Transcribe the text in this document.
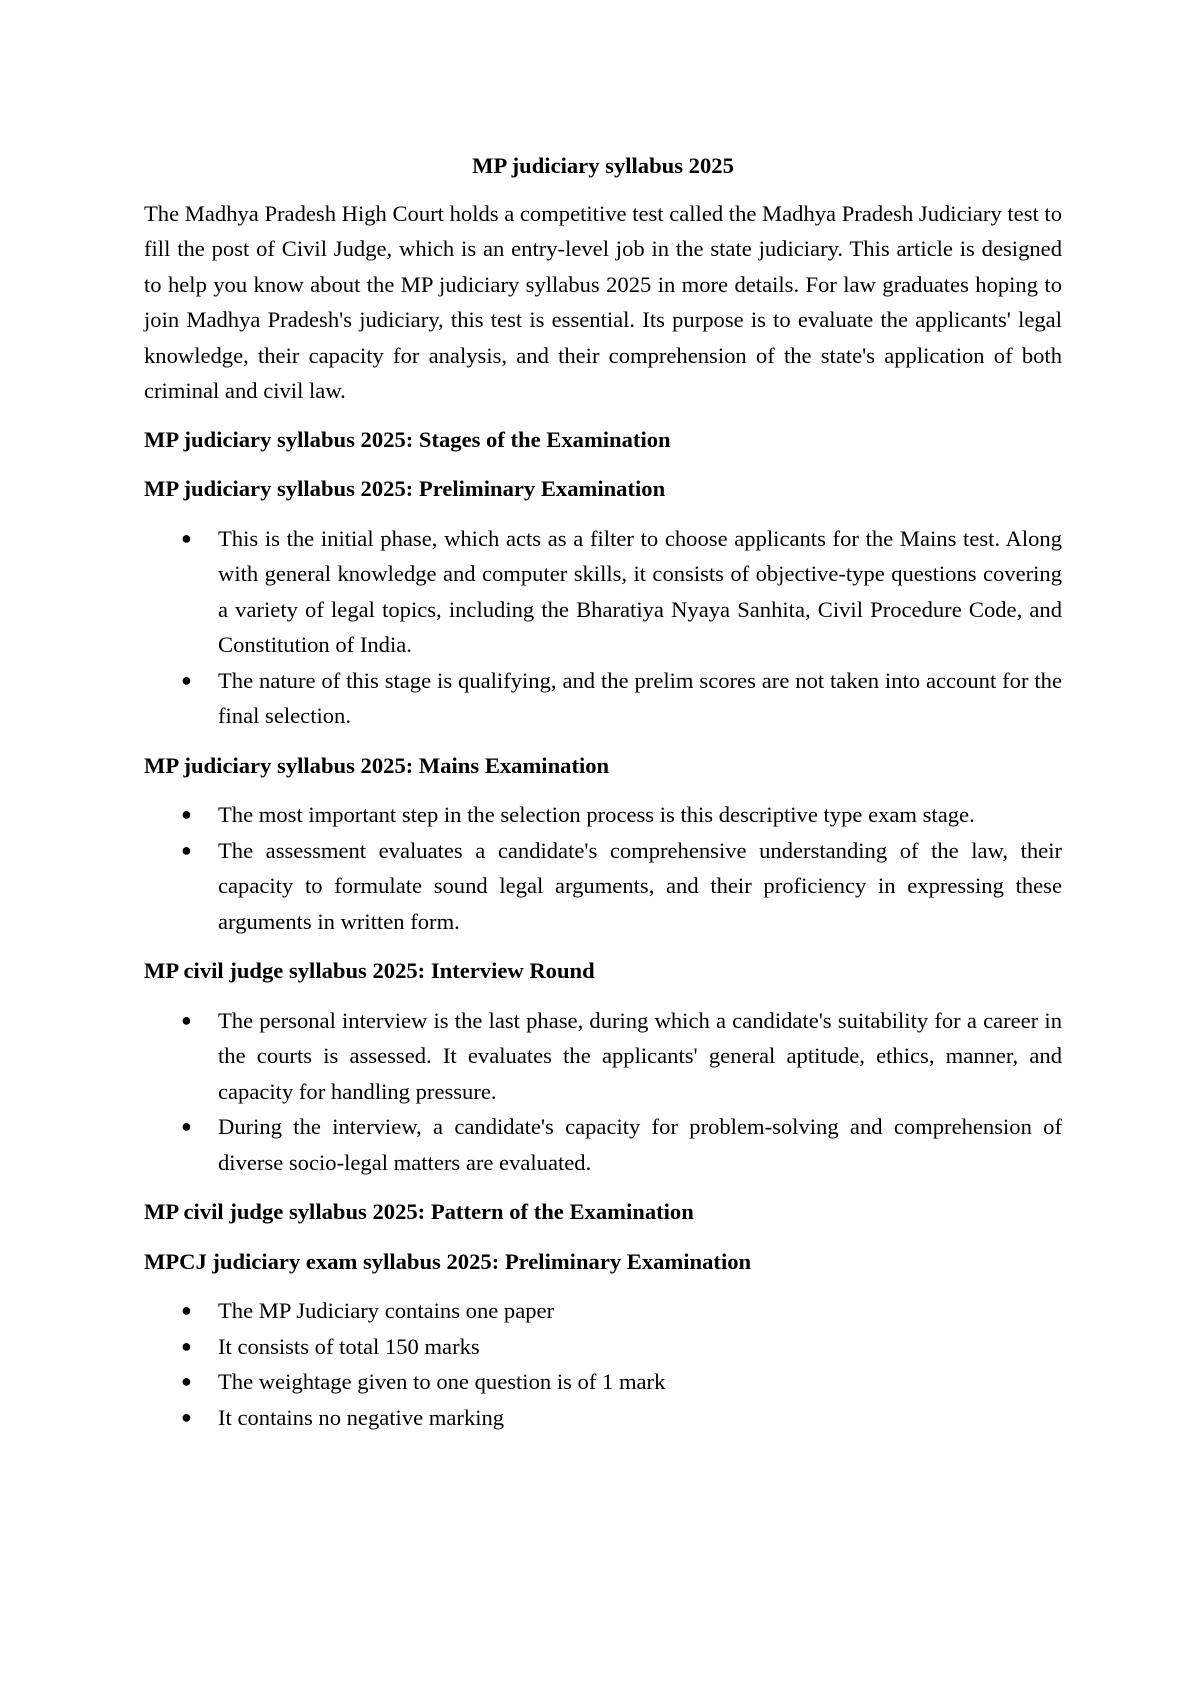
MP judiciary syllabus 2025

The Madhya Pradesh High Court holds a competitive test called the Madhya Pradesh Judiciary test to fill the post of Civil Judge, which is an entry-level job in the state judiciary. This article is designed to help you know about the MP judiciary syllabus 2025 in more details. For law graduates hoping to join Madhya Pradesh's judiciary, this test is essential. Its purpose is to evaluate the applicants' legal knowledge, their capacity for analysis, and their comprehension of the state's application of both criminal and civil law.

MP judiciary syllabus 2025: Stages of the Examination
MP judiciary syllabus 2025: Preliminary Examination
● This is the initial phase, which acts as a filter to choose applicants for the Mains test. Along with general knowledge and computer skills, it consists of objective-type questions covering a variety of legal topics, including the Bharatiya Nyaya Sanhita, Civil Procedure Code, and Constitution of India.
● The nature of this stage is qualifying, and the prelim scores are not taken into account for the final selection.
MP judiciary syllabus 2025: Mains Examination
● The most important step in the selection process is this descriptive type exam stage.
● The assessment evaluates a candidate's comprehensive understanding of the law, their capacity to formulate sound legal arguments, and their proficiency in expressing these arguments in written form.
MP civil judge syllabus 2025: Interview Round
● The personal interview is the last phase, during which a candidate's suitability for a career in the courts is assessed. It evaluates the applicants' general aptitude, ethics, manner, and capacity for handling pressure.
● During the interview, a candidate's capacity for problem-solving and comprehension of diverse socio-legal matters are evaluated.
MP civil judge syllabus 2025: Pattern of the Examination
MPCJ judiciary exam syllabus 2025: Preliminary Examination
● The MP Judiciary contains one paper
● It consists of total 150 marks
● The weightage given to one question is of 1 mark
● It contains no negative marking
